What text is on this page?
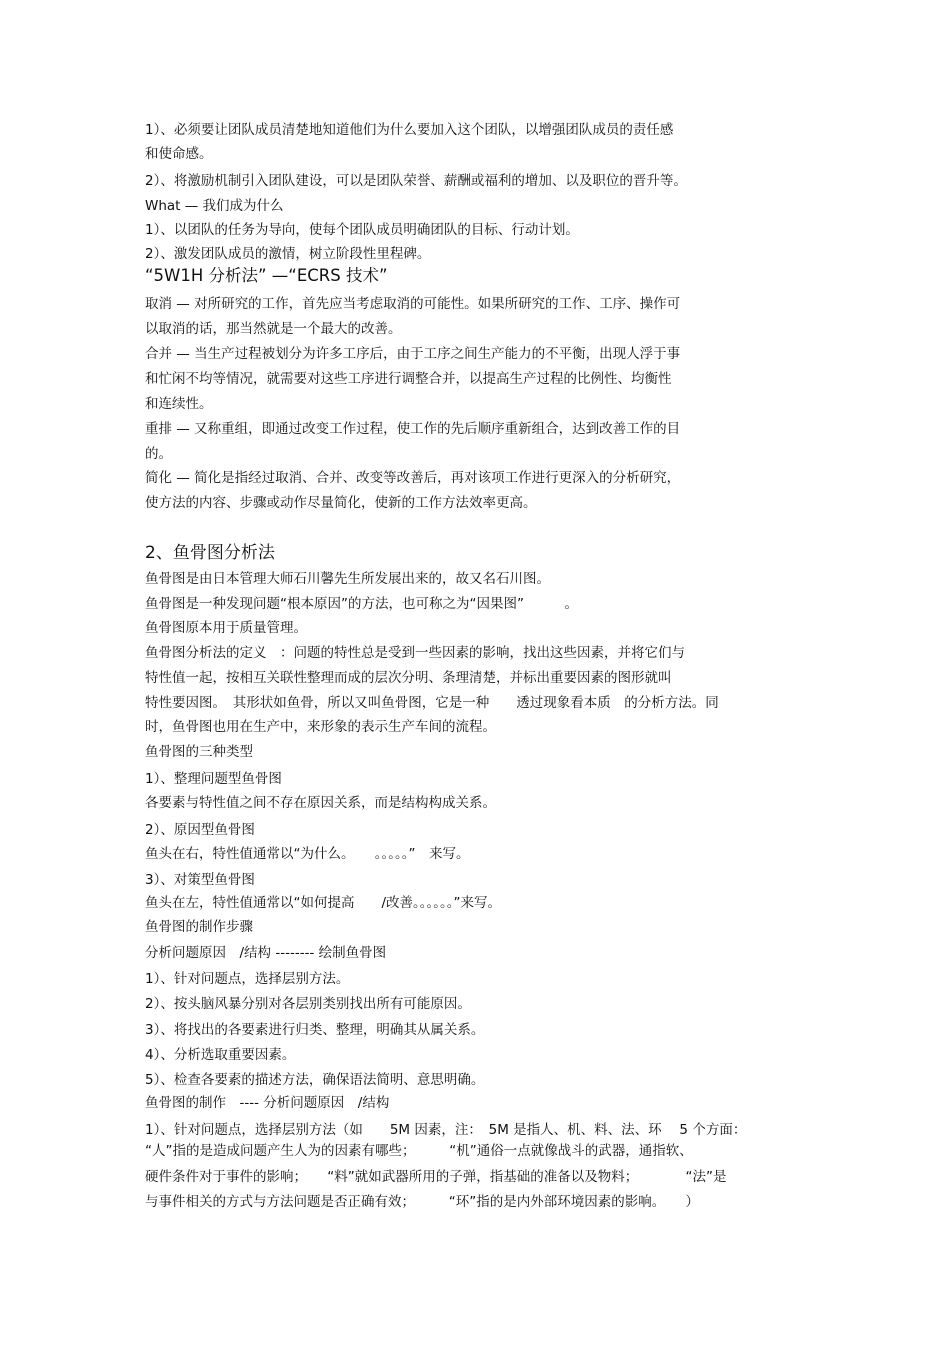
1）、必须要让团队成员清楚地知道他们为什么要加入这个团队，以增强团队成员的责任感
和使命感。
2）、将激励机制引入团队建设，可以是团队荣誉、薪酬或福利的增加、以及职位的晋升等。
What — 我们成为什么
1）、以团队的任务为导向，使每个团队成员明确团队的目标、行动计划。
2）、激发团队成员的激情，树立阶段性里程碑。
“5W1H 分析法” —“ECRS 技术”
取消 — 对所研究的工作，首先应当考虑取消的可能性。如果所研究的工作、工序、操作可
以取消的话，那当然就是一个最大的改善。
合并 — 当生产过程被划分为许多工序后，由于工序之间生产能力的不平衡，出现人浮于事
和忙闲不均等情况，就需要对这些工序进行调整合并，以提高生产过程的比例性、均衡性
和连续性。
重排 — 又称重组，即通过改变工作过程，使工作的先后顺序重新组合，达到改善工作的目
的。
简化 — 简化是指经过取消、合并、改变等改善后，再对该项工作进行更深入的分析研究，
使方法的内容、步骤或动作尽量简化，使新的工作方法效率更高。
2、鱼骨图分析法
鱼骨图是由日本管理大师石川馨先生所发展出来的，故又名石川图。
鱼骨图是一种发现问题“根本原因”的方法，也可称之为“因果图”　　　。
鱼骨图原本用于质量管理。
鱼骨图分析法的定义　：问题的特性总是受到一些因素的影响，找出这些因素，并将它们与
特性值一起，按相互关联性整理而成的层次分明、条理清楚，并标出重要因素的图形就叫
特性要因图。　其形状如鱼骨，所以又叫鱼骨图，它是一种　　透过现象看本质　的分析方法。同
时，鱼骨图也用在生产中，来形象的表示生产车间的流程。
鱼骨图的三种类型
1）、整理问题型鱼骨图
各要素与特性值之间不存在原因关系，而是结构构成关系。
2）、原因型鱼骨图
鱼头在右，特性值通常以“为什么。　　。。。。。”　来写。
3）、对策型鱼骨图
鱼头在左，特性值通常以“如何提高　　/改善。。。。。。”来写。
鱼骨图的制作步骤
分析问题原因　/结构 -------- 绘制鱼骨图
1）、针对问题点，选择层别方法。
2）、按头脑风暴分别对各层别类别找出所有可能原因。
3）、将找出的各要素进行归类、整理，明确其从属关系。
4）、分析选取重要因素。
5）、检查各要素的描述方法，确保语法简明、意思明确。
鱼骨图的制作　---- 分析问题原因　/结构
1）、针对问题点，选择层别方法（如　　5M 因素，注：　5M 是指人、机、料、法、环　 5 个方面：
“人”指的是造成问题产生人为的因素有哪些；　　　“机”通俗一点就像战斗的武器，通指软、
硬件条件对于事件的影响；　　“料”就如武器所用的子弹，指基础的准备以及物料；　　　　“法”是
与事件相关的方式与方法问题是否正确有效；　　　“环”指的是内外部环境因素的影响。　　）
